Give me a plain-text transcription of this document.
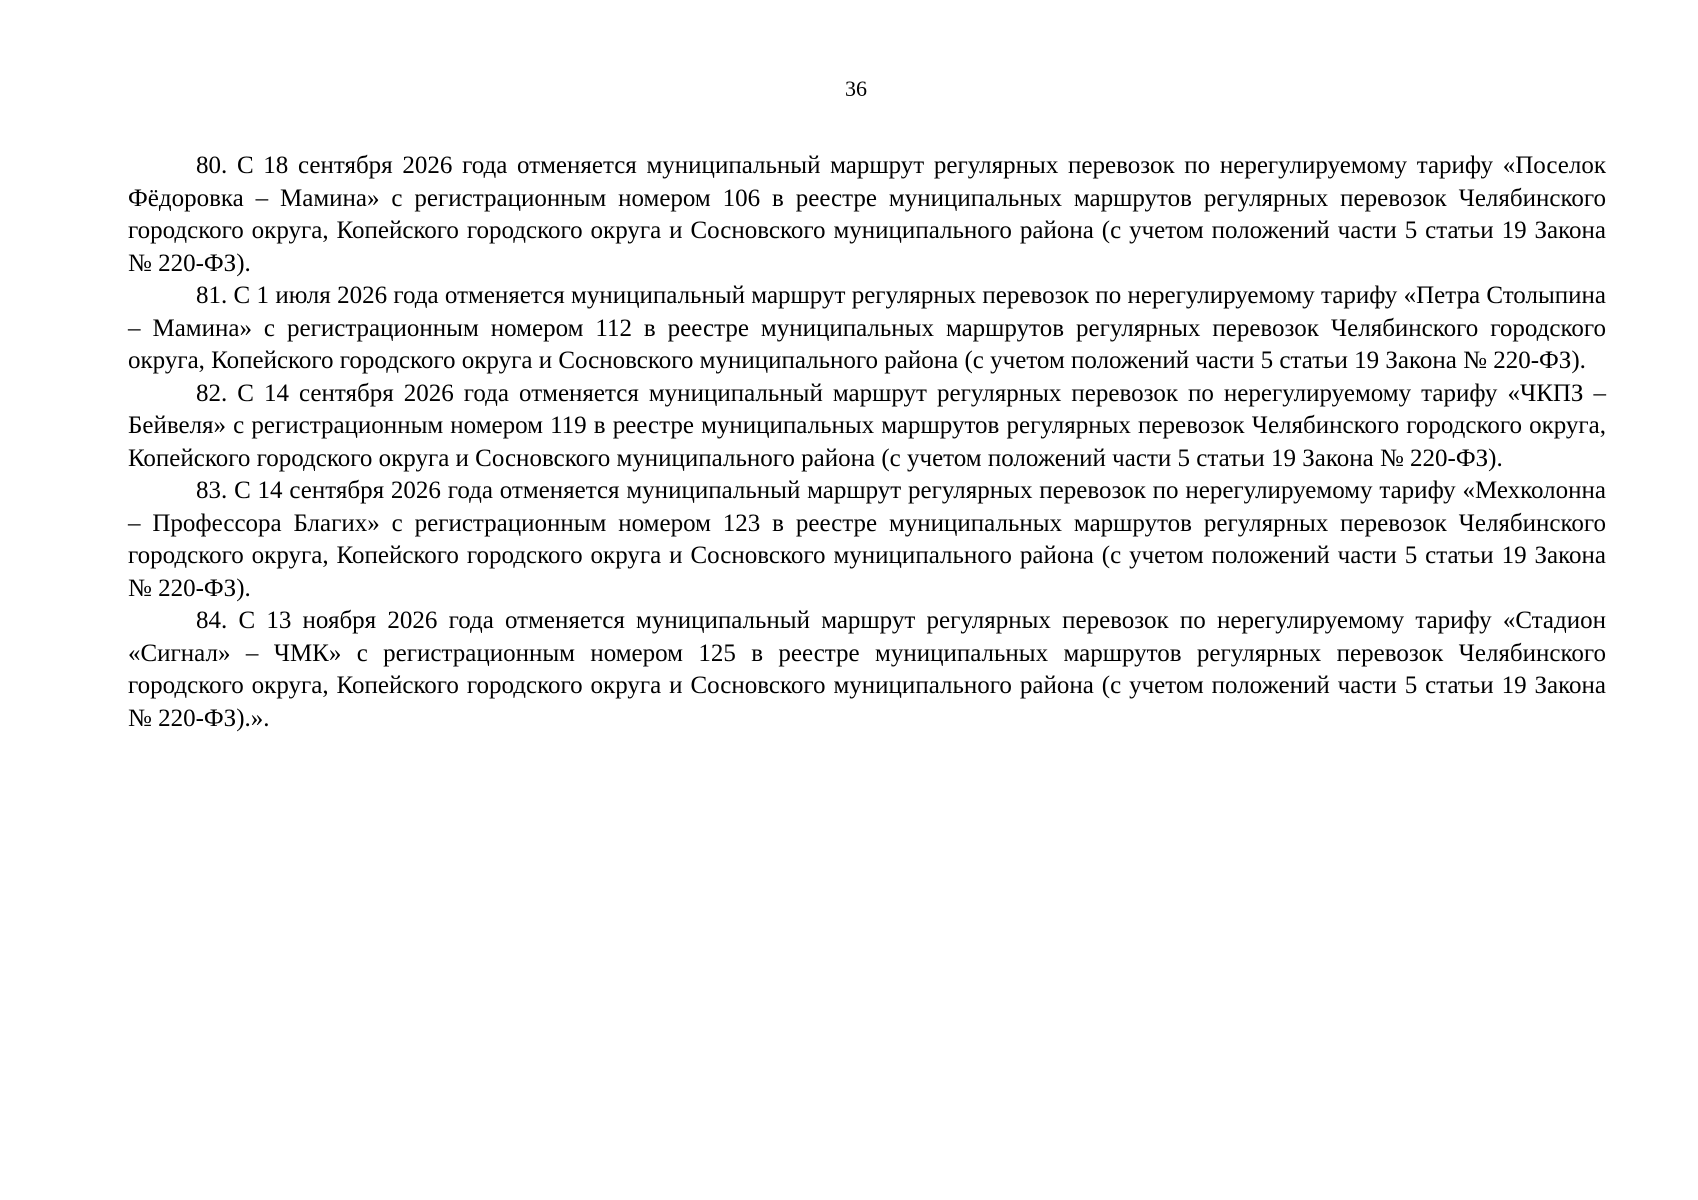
36

80. С 18 сентября 2026 года отменяется муниципальный маршрут регулярных перевозок по нерегулируемому тарифу «Поселок Фёдоровка – Мамина» с регистрационным номером 106 в реестре муниципальных маршрутов регулярных перевозок Челябинского городского округа, Копейского городского округа и Сосновского муниципального района (с учетом положений части 5 статьи 19 Закона № 220-ФЗ).

81. С 1 июля 2026 года отменяется муниципальный маршрут регулярных перевозок по нерегулируемому тарифу «Петра Столыпина – Мамина» с регистрационным номером 112 в реестре муниципальных маршрутов регулярных перевозок Челябинского городского округа, Копейского городского округа и Сосновского муниципального района (с учетом положений части 5 статьи 19 Закона № 220-ФЗ).

82. С 14 сентября 2026 года отменяется муниципальный маршрут регулярных перевозок по нерегулируемому тарифу «ЧКПЗ – Бейвеля» с регистрационным номером 119 в реестре муниципальных маршрутов регулярных перевозок Челябинского городского округа, Копейского городского округа и Сосновского муниципального района (с учетом положений части 5 статьи 19 Закона № 220-ФЗ).

83. С 14 сентября 2026 года отменяется муниципальный маршрут регулярных перевозок по нерегулируемому тарифу «Мехколонна – Профессора Благих» с регистрационным номером 123 в реестре муниципальных маршрутов регулярных перевозок Челябинского городского округа, Копейского городского округа и Сосновского муниципального района (с учетом положений части 5 статьи 19 Закона № 220-ФЗ).

84. С 13 ноября 2026 года отменяется муниципальный маршрут регулярных перевозок по нерегулируемому тарифу «Стадион «Сигнал» – ЧМК» с регистрационным номером 125 в реестре муниципальных маршрутов регулярных перевозок Челябинского городского округа, Копейского городского округа и Сосновского муниципального района (с учетом положений части 5 статьи 19 Закона № 220-ФЗ).».
